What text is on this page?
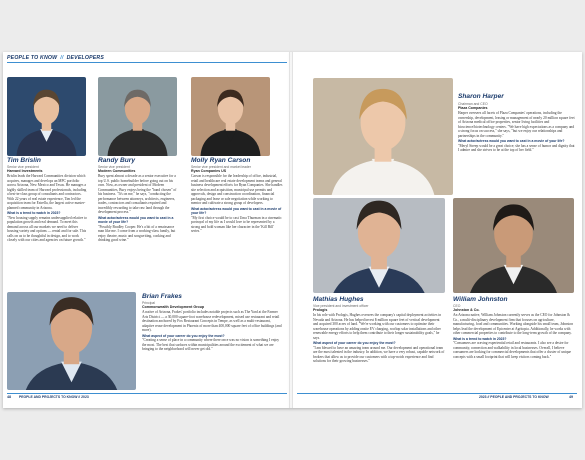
PEOPLE TO KNOW // DEVELOPERS
Tim Brislin
Senior vice president
Harvard Investments

Brislin leads the Harvard Communities division which acquires, manages and develops an MPC portfolio across Arizona, New Mexico and Texas. He manages a highly skilled team of Harvard professionals, including a best-in-class group of consultants and contractors. With 22 years of real estate experience, Tim led the acquisition team for Estrella, the largest active master-planned community in Arizona.

What is a trend to watch in 2023?

"New housing supply remains undersupplied relative to population growth and real demand. To meet this demand across all our markets we need to deliver housing variety and options — rental and for sale. This calls on us to be thoughtful in design, and to work closely with our cities and agencies on future growth."

Randy Bury
Senior vice president
Modeen Communities

Bury spent almost a decade as a senior executive for a top U.S. public homebuilder before going out on his own. Now, as owner and president of Modeen Communities, Bury enjoys being the "hand chosen" of his business. "It's on me," he says, "conducting the performance between attorneys, architects, engineers, trades, contractors and consultants required and incredibly rewarding to take raw land through the development process."

What actor/actress would you want to cast in a movie of your life?

"Possibly Bradley Cooper. He's a bit of a renaissance man like me. I come from a working-class family, but enjoy theatre, music and songwriting, cooking and drinking good wine."

Molly Ryan Carson
Senior vice president and market leader
Ryan Companies US

Carson is responsible for the leadership of office, industrial, retail and healthcare real estate development teams and general business development efforts for Ryan Companies. She handles site selection and acquisition, municipal use permits and approvals, design and construction coordination, financial packaging and lease or sale negotiation while working to mentor and cultivate a strong group of developers.

What actor/actress would you want to cast in a movie of your life?

"My first choice would be to cast Uma Thurman in a cinematic portrayal of my life as I would love to be represented by a strong and bold woman like her character in the 'Kill Bill' series."

Brian Frakes
Principal
Commonwealth Development Group

A native of Arizona, Frakes' portfolio includes notable projects such as The Yard at the Farmer Arts District — a 30,000 square-foot warehouse redevelopment, mixed use restaurant and retail destination anchored by Fox Restaurant Concepts in Tempe, as well as a multi-restaurant, adaptive reuse development in Phoenix of more than 400,000 square feet of office buildings (and more).

What aspect of your career do you enjoy the most?

"Creating a sense of place in a community where there once was no vision is something I enjoy the most. The best that surfaces within municipalities around the excitement of what we are bringing to the neighborhood will never get old."

48 PEOPLE AND PROJECTS TO KNOW // 2023
Sharon Harper
Chairman and CEO
Plaza Companies

Harper oversees all facets of Plaza Companies' operations, including the ownership, development, leasing or management of nearly 20 million square feet of Arizona medical office properties, senior living facilities and bioscience/biotechnology centers. "We have high expectations as a company and a strong focus on success," she says, "but we enjoy our relationships and partnerships in the community."

What actor/actress would you want to cast in a movie of your life?

"Meryl Streep would be a great choice; she has a sense of humor and dignity that I admire and she strives to be at the top of her field."

Mathias Hughes
Vice president and investment officer
Prologis

In his role with Prologis, Hughes oversees the company's capital deployment activities in Nevada and Arizona. He has helped invest $ million square feet of vertical development and acquired 300 acres of land. "We're working with our customers to optimize their warehouse operations by adding onsite EV charging, rooftop solar installations and other renewable energy efforts to help them contribute to their longer sustainability goals," he says.

What aspect of your career do you enjoy the most?

"I am blessed to have an amazing team around me. Our development and operational team are the most talented in the industry. In addition, we have a very robust, capable network of brokers that allow us to provide our customers with a top-notch experience and find solutions for their growing businesses."

William Johnston
CEO
Johnston & Co.

An Arizona native, William Johnston currently serves as the CEO for Johnston & Co., a multi-disciplinary development firm that focuses on agriculture, manufacturing, food and communities. Working alongside his small team, Johnston helps lead the development of Epicenter at Agritopia. Additionally, he works with other commercial properties to contribute to the long-term growth of the company.

What is a trend to watch in 2023?

"Consumers are craving experiential retail and restaurants. I also see a desire for community, connection and walkability in local businesses. Overall, I believe consumers are looking for commercial developments that offer a cluster of unique concepts with a small footprint that will keep visitors coming back."

2023 // PEOPLE AND PROJECTS TO KNOW	49
